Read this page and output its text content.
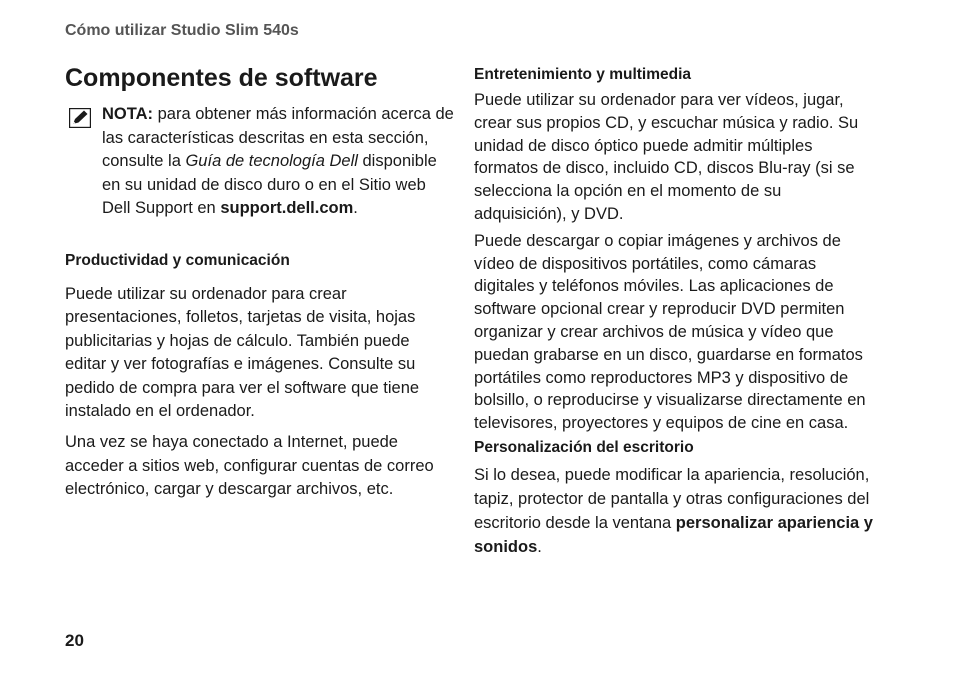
Cómo utilizar Studio Slim 540s
Componentes de software
NOTA: para obtener más información acerca de las características descritas en esta sección, consulte la Guía de tecnología Dell disponible en su unidad de disco duro o en el Sitio web Dell Support en support.dell.com.
Productividad y comunicación

Puede utilizar su ordenador para crear presentaciones, folletos, tarjetas de visita, hojas publicitarias y hojas de cálculo. También puede editar y ver fotografías e imágenes. Consulte su pedido de compra para ver el software que tiene instalado en el ordenador.

Una vez se haya conectado a Internet, puede acceder a sitios web, configurar cuentas de correo electrónico, cargar y descargar archivos, etc.

Entretenimiento y multimedia

Puede utilizar su ordenador para ver vídeos, jugar, crear sus propios CD, y escuchar música y radio. Su unidad de disco óptico puede admitir múltiples formatos de disco, incluido CD, discos Blu-ray (si se selecciona la opción en el momento de su adquisición), y DVD.

Puede descargar o copiar imágenes y archivos de vídeo de dispositivos portátiles, como cámaras digitales y teléfonos móviles. Las aplicaciones de software opcional crear y reproducir DVD permiten organizar y crear archivos de música y vídeo que puedan grabarse en un disco, guardarse en formatos portátiles como reproductores MP3 y dispositivo de bolsillo, o reproducirse y visualizarse directamente en televisores, proyectores y equipos de cine en casa.

Personalización del escritorio

Si lo desea, puede modificar la apariencia, resolución, tapiz, protector de pantalla y otras configuraciones del escritorio desde la ventana personalizar apariencia y sonidos.

20
